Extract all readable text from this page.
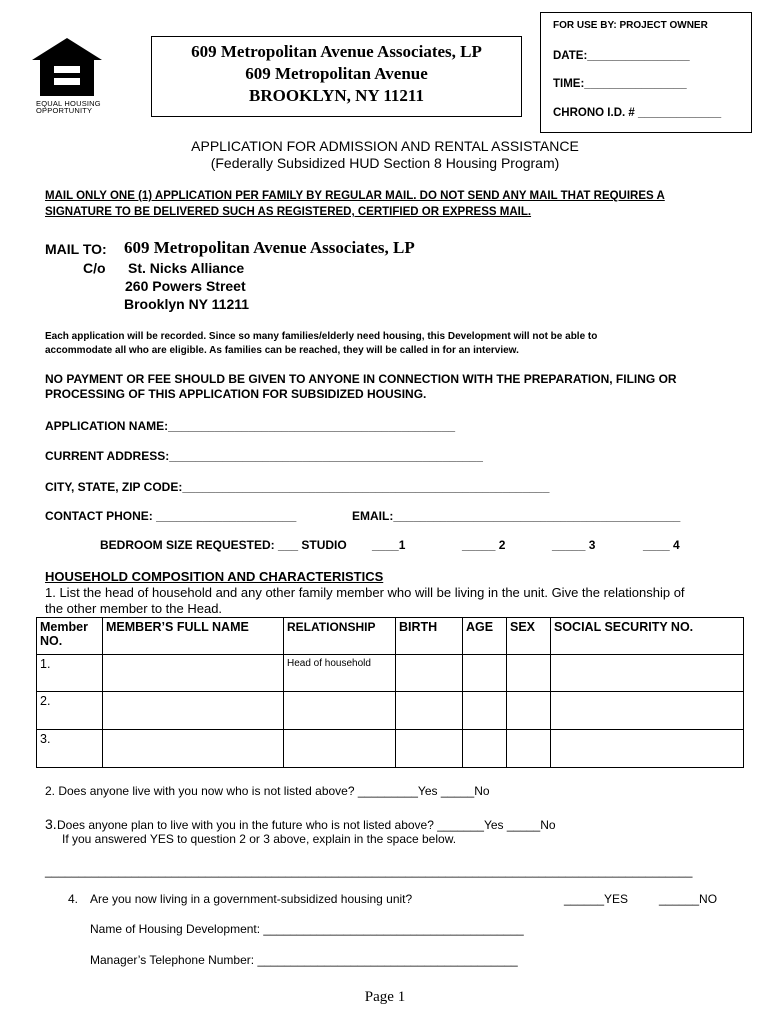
EQUAL HOUSING
OPPORTUNITY
609 Metropolitan Avenue Associates, LP
609 Metropolitan Avenue
BROOKLYN, NY 11211
FOR USE BY: PROJECT OWNER
DATE:________________
TIME:________________
CHRONO I.D. # _____________
APPLICATION FOR ADMISSION AND RENTAL ASSISTANCE
(Federally Subsidized HUD Section 8 Housing Program)
MAIL ONLY ONE (1) APPLICATION PER FAMILY BY REGULAR MAIL. DO NOT SEND ANY MAIL THAT REQUIRES A
SIGNATURE TO BE DELIVERED SUCH AS REGISTERED, CERTIFIED OR EXPRESS MAIL.
MAIL TO: 609 Metropolitan Avenue Associates, LP
C/o St. Nicks Alliance
260 Powers Street
Brooklyn NY 11211
Each application will be recorded. Since so many families/elderly need housing, this Development will not be able to
accommodate all who are eligible. As families can be reached, they will be called in for an interview.
NO PAYMENT OR FEE SHOULD BE GIVEN TO ANYONE IN CONNECTION WITH THE PREPARATION, FILING OR
PROCESSING OF THIS APPLICATION FOR SUBSIDIZED HOUSING.
APPLICATION NAME:___________________________________________
CURRENT ADDRESS:_______________________________________________
CITY, STATE, ZIP CODE:_______________________________________________________
CONTACT PHONE: _____________________	EMAIL:___________________________________________
BEDROOM SIZE REQUESTED: ___ STUDIO ____1	_____ 2	_____ 3	____ 4
HOUSEHOLD COMPOSITION AND CHARACTERISTICS
1. List the head of household and any other family member who will be living in the unit. Give the relationship of
the other member to the Head.
Member NO.	MEMBER’S FULL NAME	RELATIONSHIP	BIRTH	AGE	SEX	SOCIAL SECURITY NO.
1.		Head of household				
2.						
3.						
2. Does anyone live with you now who is not listed above? _________Yes _____No
3. Does anyone plan to live with you in the future who is not listed above? _______Yes _____No
If you answered YES to question 2 or 3 above, explain in the space below.
_________________________________________________________________________________________________
4. Are you now living in a government-subsidized housing unit?	______YES	______NO
Name of Housing Development: _______________________________________
Manager’s Telephone Number: _______________________________________
Page 1
